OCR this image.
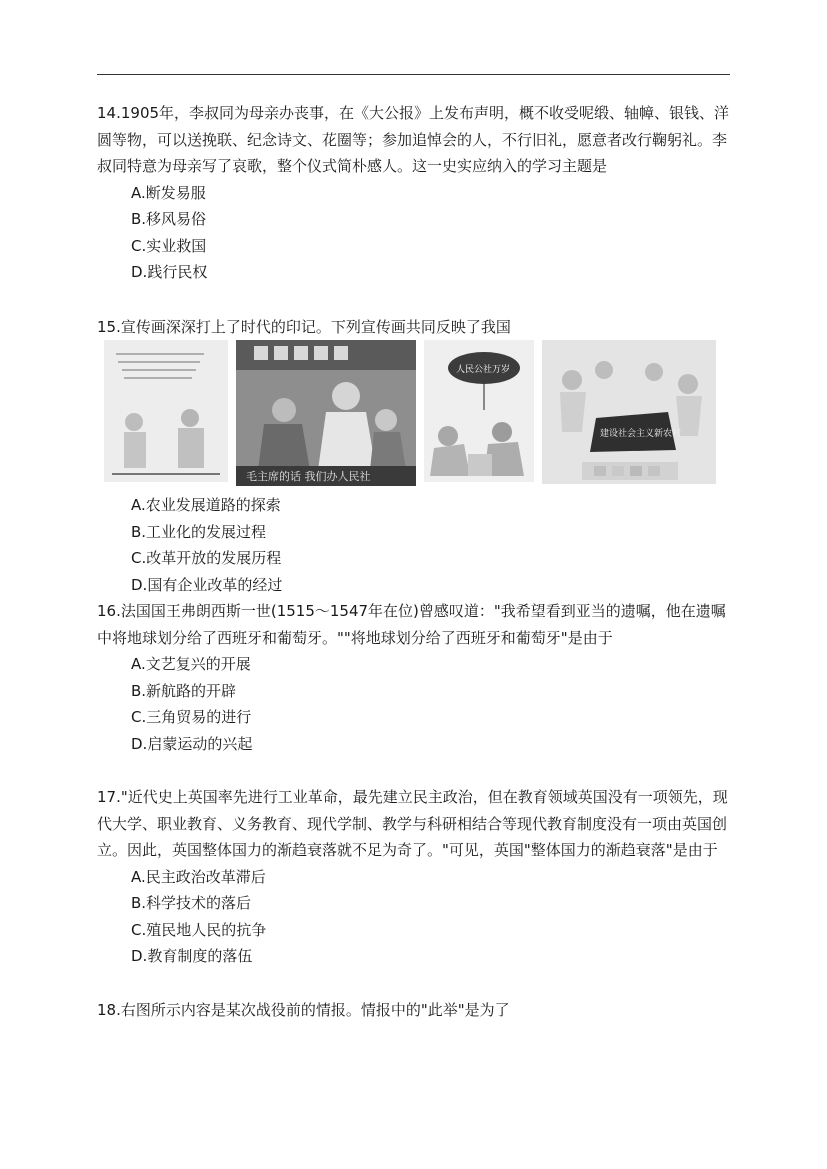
14.1905年，李叔同为母亲办丧事，在《大公报》上发布声明，概不收受呢缎、轴幛、银钱、洋圆等物，可以送挽联、纪念诗文、花圈等；参加追悼会的人，不行旧礼，愿意者改行鞠躬礼。李叔同特意为母亲写了哀歌，整个仪式简朴感人。这一史实应纳入的学习主题是

A.断发易服

B.移风易俗

C.实业救国

D.践行民权

15.宣传画深深打上了时代的印记。下列宣传画共同反映了我国

毛主席的话 我们办人民社
人民公社万岁
建设社会主义新农村

A.农业发展道路的探索

B.工业化的发展过程

C.改革开放的发展历程

D.国有企业改革的经过

16.法国国王弗朗西斯一世(1515～1547年在位)曾感叹道："我希望看到亚当的遗嘱，他在遗嘱中将地球划分给了西班牙和葡萄牙。""将地球划分给了西班牙和葡萄牙"是由于

A.文艺复兴的开展

B.新航路的开辟

C.三角贸易的进行

D.启蒙运动的兴起

17."近代史上英国率先进行工业革命，最先建立民主政治，但在教育领域英国没有一项领先，现代大学、职业教育、义务教育、现代学制、教学与科研相结合等现代教育制度没有一项由英国创立。因此，英国整体国力的渐趋衰落就不足为奇了。"可见，英国"整体国力的渐趋衰落"是由于

A.民主政治改革滞后

B.科学技术的落后

C.殖民地人民的抗争

D.教育制度的落伍

18.右图所示内容是某次战役前的情报。情报中的"此举"是为了
